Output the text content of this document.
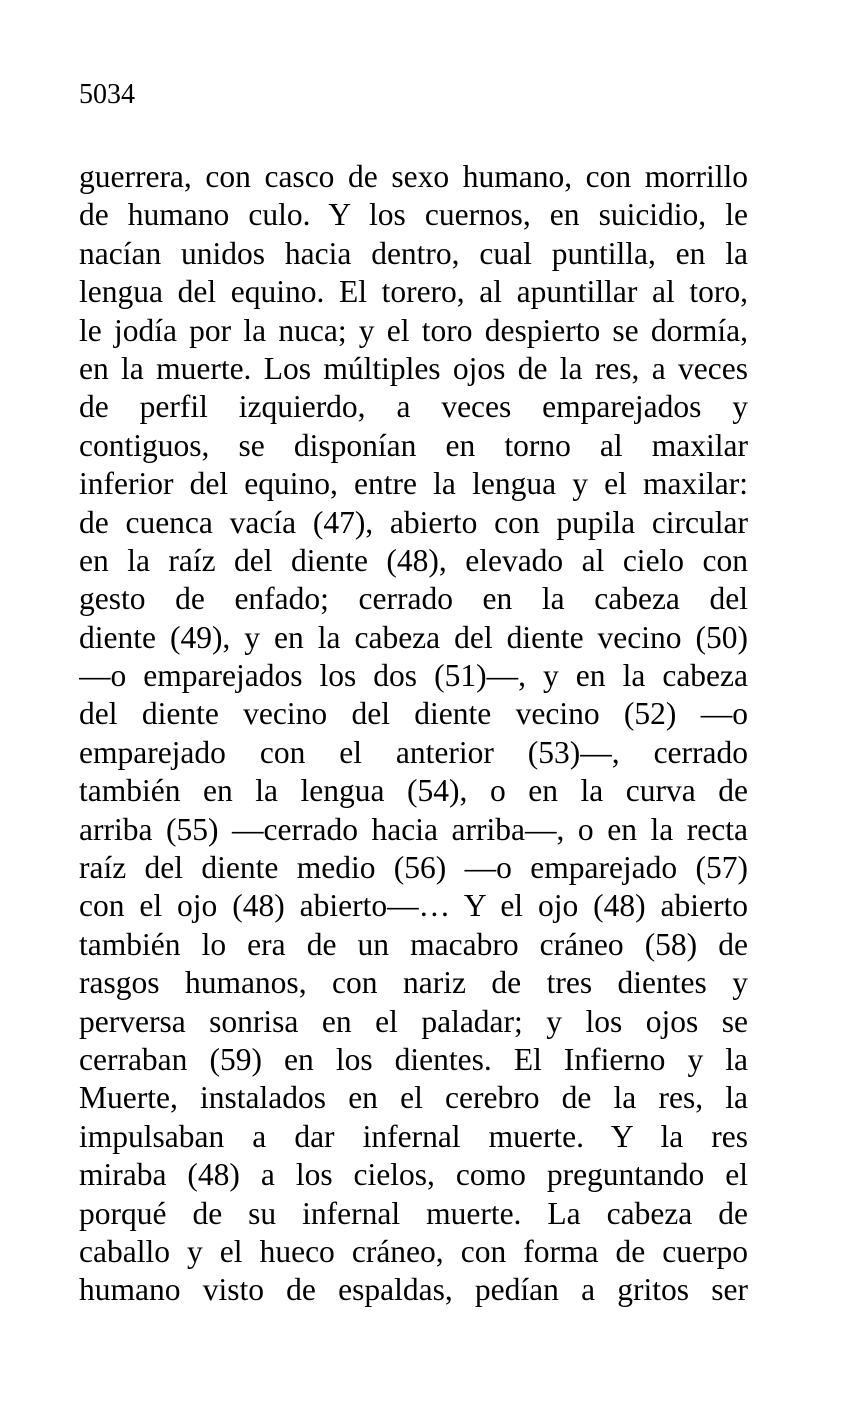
5034
guerrera, con casco de sexo humano, con morrillo
de humano culo. Y los cuernos, en suicidio, le
nacían unidos hacia dentro, cual puntilla, en la
lengua del equino. El torero, al apuntillar al toro,
le jodía por la nuca; y el toro despierto se dormía,
en la muerte. Los múltiples ojos de la res, a veces
de perfil izquierdo, a veces emparejados y
contiguos, se disponían en torno al maxilar
inferior del equino, entre la lengua y el maxilar:
de cuenca vacía (47), abierto con pupila circular
en la raíz del diente (48), elevado al cielo con
gesto de enfado; cerrado en la cabeza del
diente (49), y en la cabeza del diente vecino (50)
—o emparejados los dos (51)—, y en la cabeza
del diente vecino del diente vecino (52) —o
emparejado con el anterior (53)—, cerrado
también en la lengua (54), o en la curva de
arriba (55) —cerrado hacia arriba—, o en la recta
raíz del diente medio (56) —o emparejado (57)
con el ojo (48) abierto—… Y el ojo (48) abierto
también lo era de un macabro cráneo (58) de
rasgos humanos, con nariz de tres dientes y
perversa sonrisa en el paladar; y los ojos se
cerraban (59) en los dientes. El Infierno y la
Muerte, instalados en el cerebro de la res, la
impulsaban a dar infernal muerte. Y la res
miraba (48) a los cielos, como preguntando el
porqué de su infernal muerte. La cabeza de
caballo y el hueco cráneo, con forma de cuerpo
humano visto de espaldas, pedían a gritos ser
